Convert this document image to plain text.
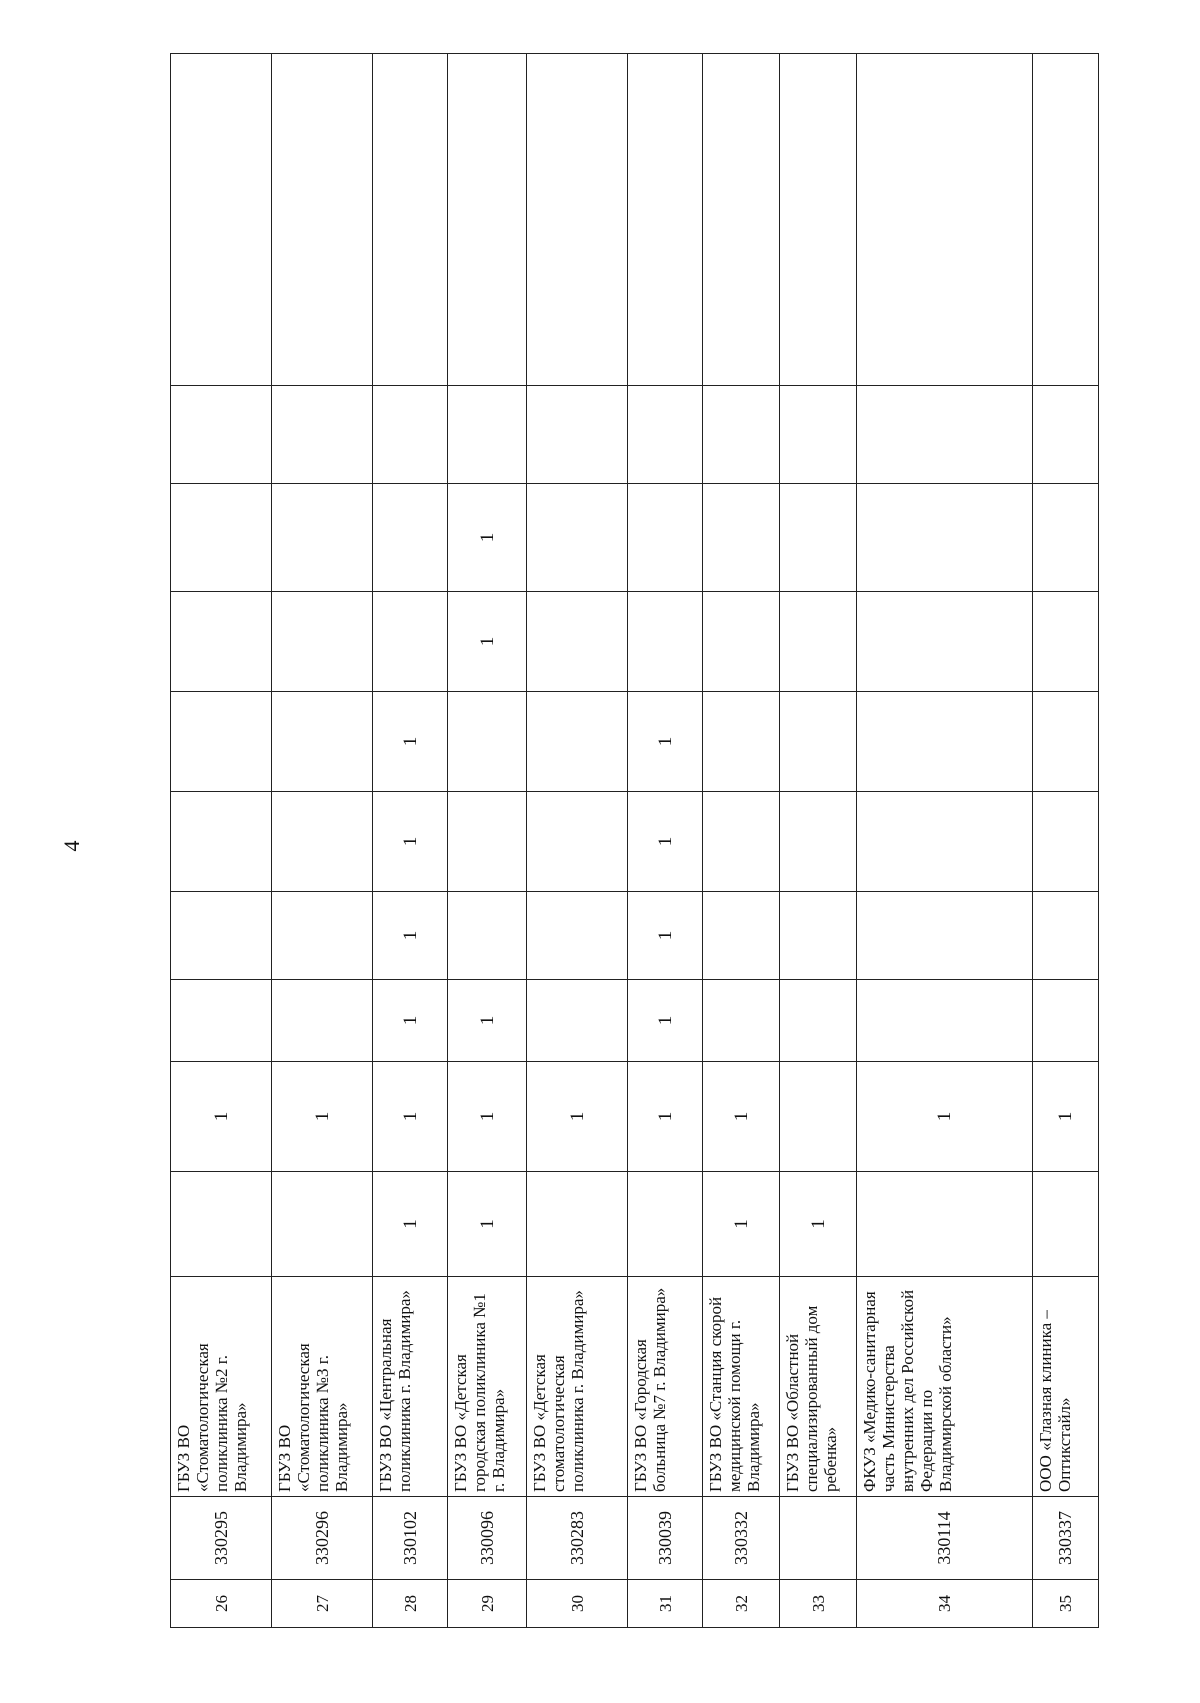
4
26	330295	ГБУЗ ВО «Стоматологическая поликлиника №2 г. Владимира»		1								
27	330296	ГБУЗ ВО «Стоматологическая поликлиника №3 г. Владимира»		1								
28	330102	ГБУЗ ВО «Центральная поликлиника г. Владимира»	1	1	1	1	1	1				
29	330096	ГБУЗ ВО «Детская городская поликлиника №1 г. Владимира»	1	1	1				1	1		
30	330283	ГБУЗ ВО «Детская стоматологическая поликлиника г. Владимира»		1								
31	330039	ГБУЗ ВО «Городская больница №7 г. Владимира»		1	1	1	1	1				
32	330332	ГБУЗ ВО «Станция скорой медицинской помощи г. Владимира»	1	1								
33		ГБУЗ ВО «Областной специализированный дом ребенка»	1									
34	330114	ФКУЗ «Медико-санитарная часть Министерства внутренних дел Российской Федерации по Владимирской области»		1								
35	330337	ООО «Глазная клиника – Оптикстайл»		1								
